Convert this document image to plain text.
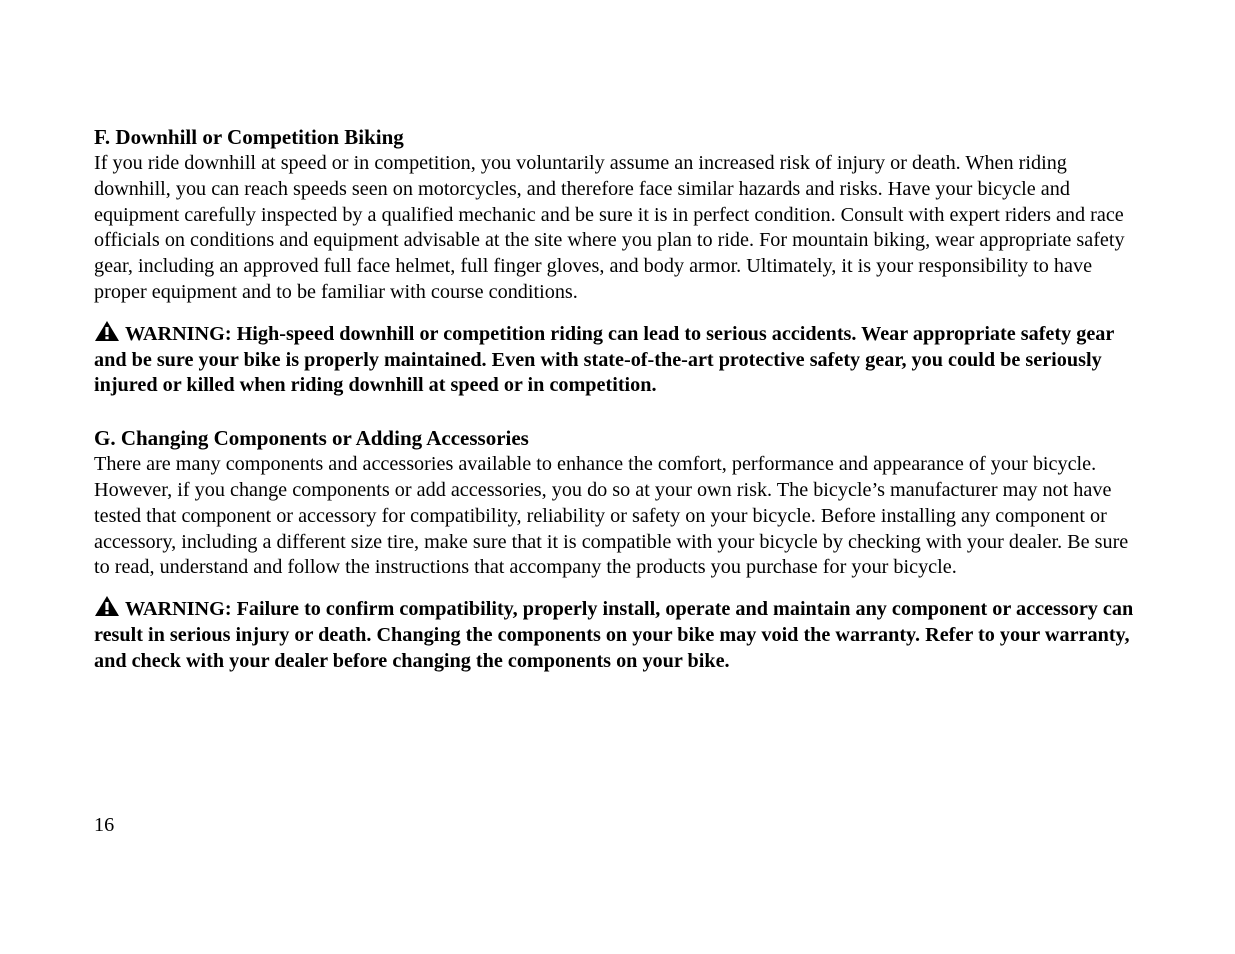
F. Downhill or Competition Biking

If you ride downhill at speed or in competition, you voluntarily assume an increased risk of injury or death. When riding downhill, you can reach speeds seen on motorcycles, and therefore face similar hazards and risks. Have your bicycle and equipment carefully inspected by a qualified mechanic and be sure it is in perfect condition. Consult with expert riders and race officials on conditions and equipment advisable at the site where you plan to ride. For mountain biking, wear appropriate safety gear, including an approved full face helmet, full finger gloves, and body armor. Ultimately, it is your responsibility to have proper equipment and to be familiar with course conditions.

WARNING: High-speed downhill or competition riding can lead to serious accidents. Wear appropriate safety gear and be sure your bike is properly maintained. Even with state-of-the-art protective safety gear, you could be seriously injured or killed when riding downhill at speed or in competition.

G. Changing Components or Adding Accessories

There are many components and accessories available to enhance the comfort, performance and appearance of your bicycle. However, if you change components or add accessories, you do so at your own risk. The bicycle’s manufacturer may not have tested that component or accessory for compatibility, reliability or safety on your bicycle. Before installing any component or accessory, including a different size tire, make sure that it is compatible with your bicycle by checking with your dealer. Be sure to read, understand and follow the instructions that accompany the products you purchase for your bicycle.

WARNING: Failure to confirm compatibility, properly install, operate and maintain any component or accessory can result in serious injury or death. Changing the components on your bike may void the warranty. Refer to your warranty, and check with your dealer before changing the components on your bike.

16
